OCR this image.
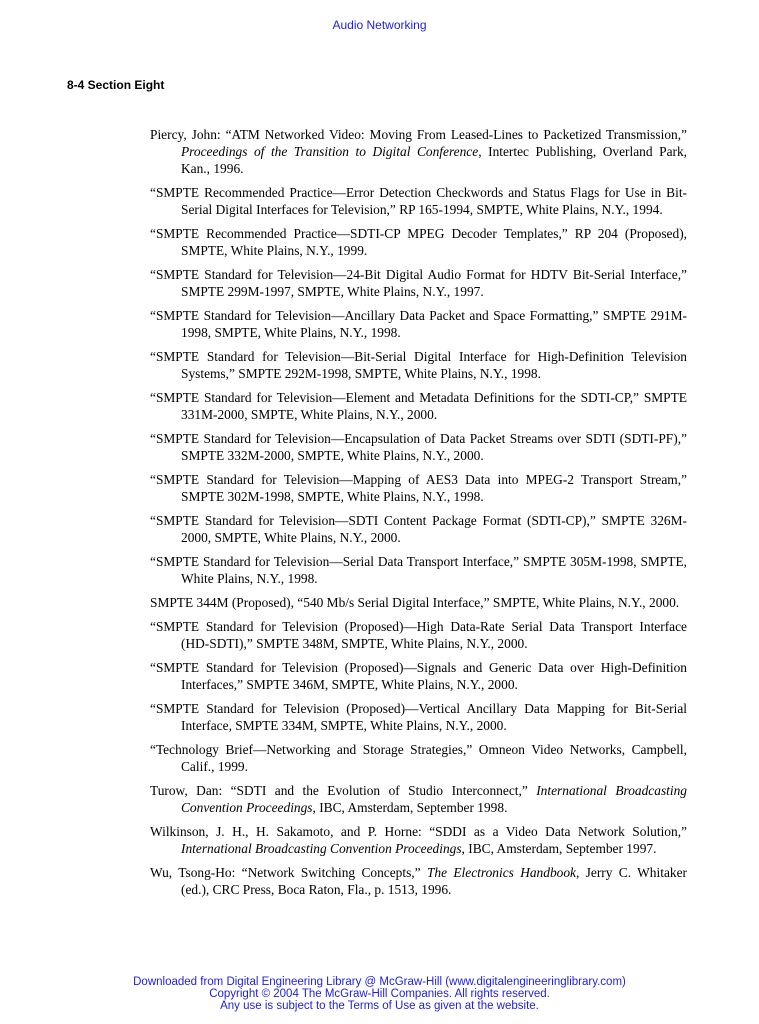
Audio Networking
8-4 Section Eight
Piercy, John: “ATM Networked Video: Moving From Leased-Lines to Packetized Transmission,” Proceedings of the Transition to Digital Conference, Intertec Publishing, Overland Park, Kan., 1996.
“SMPTE Recommended Practice—Error Detection Checkwords and Status Flags for Use in Bit-Serial Digital Interfaces for Television,” RP 165-1994, SMPTE, White Plains, N.Y., 1994.
“SMPTE Recommended Practice—SDTI-CP MPEG Decoder Templates,” RP 204 (Proposed), SMPTE, White Plains, N.Y., 1999.
“SMPTE Standard for Television—24-Bit Digital Audio Format for HDTV Bit-Serial Interface,” SMPTE 299M-1997, SMPTE, White Plains, N.Y., 1997.
“SMPTE Standard for Television—Ancillary Data Packet and Space Formatting,” SMPTE 291M-1998, SMPTE, White Plains, N.Y., 1998.
“SMPTE Standard for Television—Bit-Serial Digital Interface for High-Definition Television Systems,” SMPTE 292M-1998, SMPTE, White Plains, N.Y., 1998.
“SMPTE Standard for Television—Element and Metadata Definitions for the SDTI-CP,” SMPTE 331M-2000, SMPTE, White Plains, N.Y., 2000.
“SMPTE Standard for Television—Encapsulation of Data Packet Streams over SDTI (SDTI-PF),” SMPTE 332M-2000, SMPTE, White Plains, N.Y., 2000.
“SMPTE Standard for Television—Mapping of AES3 Data into MPEG-2 Transport Stream,” SMPTE 302M-1998, SMPTE, White Plains, N.Y., 1998.
“SMPTE Standard for Television—SDTI Content Package Format (SDTI-CP),” SMPTE 326M-2000, SMPTE, White Plains, N.Y., 2000.
“SMPTE Standard for Television—Serial Data Transport Interface,” SMPTE 305M-1998, SMPTE, White Plains, N.Y., 1998.
SMPTE 344M (Proposed), “540 Mb/s Serial Digital Interface,” SMPTE, White Plains, N.Y., 2000.
“SMPTE Standard for Television (Proposed)—High Data-Rate Serial Data Transport Interface (HD-SDTI),” SMPTE 348M, SMPTE, White Plains, N.Y., 2000.
“SMPTE Standard for Television (Proposed)—Signals and Generic Data over High-Definition Interfaces,” SMPTE 346M, SMPTE, White Plains, N.Y., 2000.
“SMPTE Standard for Television (Proposed)—Vertical Ancillary Data Mapping for Bit-Serial Interface, SMPTE 334M, SMPTE, White Plains, N.Y., 2000.
“Technology Brief—Networking and Storage Strategies,” Omneon Video Networks, Campbell, Calif., 1999.
Turow, Dan: “SDTI and the Evolution of Studio Interconnect,” International Broadcasting Convention Proceedings, IBC, Amsterdam, September 1998.
Wilkinson, J. H., H. Sakamoto, and P. Horne: “SDDI as a Video Data Network Solution,” International Broadcasting Convention Proceedings, IBC, Amsterdam, September 1997.
Wu, Tsong-Ho: “Network Switching Concepts,” The Electronics Handbook, Jerry C. Whitaker (ed.), CRC Press, Boca Raton, Fla., p. 1513, 1996.
Downloaded from Digital Engineering Library @ McGraw-Hill (www.digitalengineeringlibrary.com)
Copyright © 2004 The McGraw-Hill Companies. All rights reserved.
Any use is subject to the Terms of Use as given at the website.
